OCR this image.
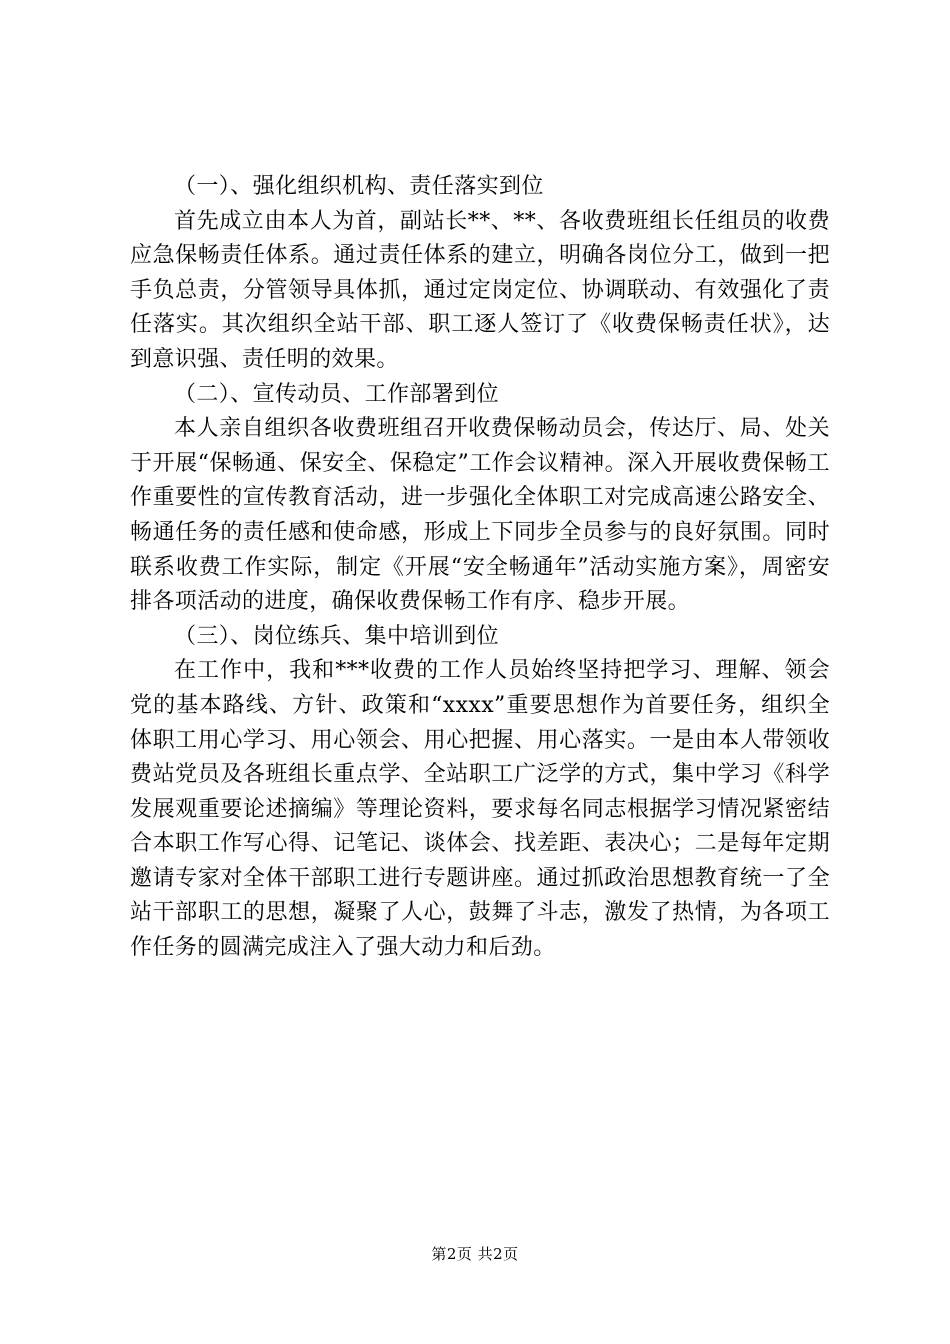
（一）、强化组织机构、责任落实到位

首先成立由本人为首，副站长**、**、各收费班组长任组员的收费应急保畅责任体系。通过责任体系的建立，明确各岗位分工，做到一把手负总责，分管领导具体抓，通过定岗定位、协调联动、有效强化了责任落实。其次组织全站干部、职工逐人签订了《收费保畅责任状》，达到意识强、责任明的效果。

（二）、宣传动员、工作部署到位

本人亲自组织各收费班组召开收费保畅动员会，传达厅、局、处关于开展“保畅通、保安全、保稳定”工作会议精神。深入开展收费保畅工作重要性的宣传教育活动，进一步强化全体职工对完成高速公路安全、畅通任务的责任感和使命感，形成上下同步全员参与的良好氛围。同时联系收费工作实际，制定《开展“安全畅通年”活动实施方案》，周密安排各项活动的进度，确保收费保畅工作有序、稳步开展。

（三）、岗位练兵、集中培训到位

在工作中，我和***收费的工作人员始终坚持把学习、理解、领会党的基本路线、方针、政策和“xxxx”重要思想作为首要任务，组织全体职工用心学习、用心领会、用心把握、用心落实。一是由本人带领收费站党员及各班组长重点学、全站职工广泛学的方式，集中学习《科学发展观重要论述摘编》等理论资料，要求每名同志根据学习情况紧密结合本职工作写心得、记笔记、谈体会、找差距、表决心；二是每年定期邀请专家对全体干部职工进行专题讲座。通过抓政治思想教育统一了全站干部职工的思想，凝聚了人心，鼓舞了斗志，激发了热情，为各项工作任务的圆满完成注入了强大动力和后劲。

第2页 共2页
